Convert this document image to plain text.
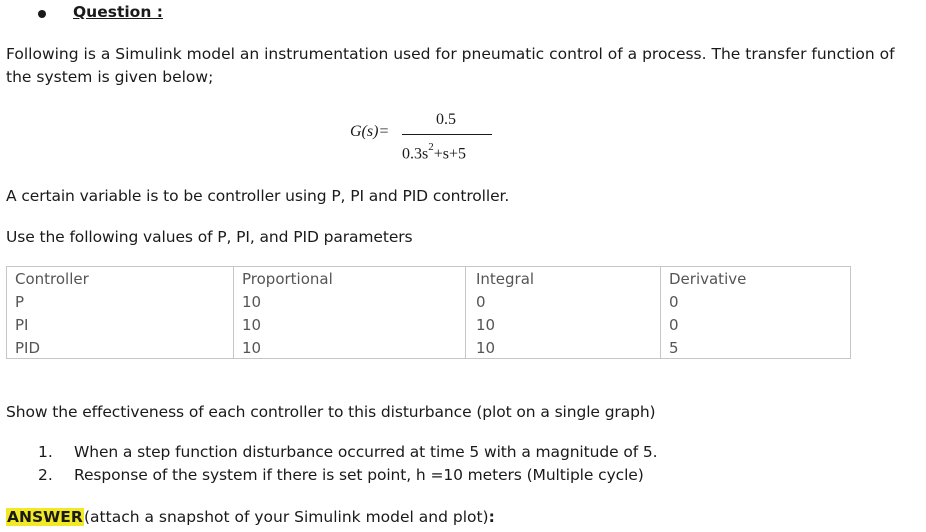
Question :
Following is a Simulink model an instrumentation used for pneumatic control of a process. The transfer function of the system is given below;
G(s)=
0.5
$0.3s^2+s+5$
A certain variable is to be controller using P, PI and PID controller.
Use the following values of P, PI, and PID parameters
Controller	Proportional	Integral	Derivative
P	10	0	0
PI	10	10	0
PID	10	10	5
Show the effectiveness of each controller to this disturbance (plot on a single graph)
1. When a step function disturbance occurred at time 5 with a magnitude of 5.
2. Response of the system if there is set point, h =10 meters (Multiple cycle)
ANSWER (attach a snapshot of your Simulink model and plot):
